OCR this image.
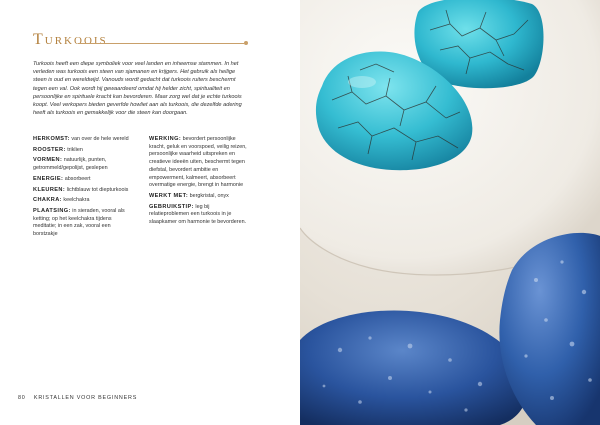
Turkoois
Turkoois heeft een diepe symboliek voor veel landen en inheemse stammen. In het verleden was turkoois een steen van sjamanen en krijgers. Het gebruik als heilige steen is oud en wereldwijd. Vanouds wordt gedacht dat turkoois ruiters beschermt tegen een val. Ook wordt hij gewaardeerd omdat hij helder zicht, spiritualiteit en persoonlijke en spirituele kracht kan bevorderen. Maar zorg wel dat je echte turkoois koopt. Veel verkopers bieden geverfde howliet aan als turkoois, die dezelfde adering heeft als turkoois en gemakkelijk voor die steen kan doorgaan.
HERKOMST: van over de hele wereld
ROOSTER: triklien
VORMEN: natuurlijk, punten, getrommeld/gepolijst, geslepen
ENERGIE: absorbeert
KLEUREN: lichtblauw tot diepturkoois
CHAKRA: keelchakra
PLAATSING: in sieraden, vooral als ketting; op het keelchakra tijdens meditatie; in een zak, vooral een borstzakje
WERKING: bevordert persoonlijke kracht, geluk en voorspoed, veilig reizen, persoonlijke waarheid uitspreken en creatieve ideeën uiten, beschermt tegen diefstal, bevordert ambitie en empowerment, kalmeert, absorbeert overmatige energie, brengt in harmonie
WERKT MET: bergkristal, onyx
GEBRUIKSTIP: leg bij relatieproblemen een turkoois in je slaapkamer om harmonie te bevorderen.
80 KRISTALLEN VOOR BEGINNERS
